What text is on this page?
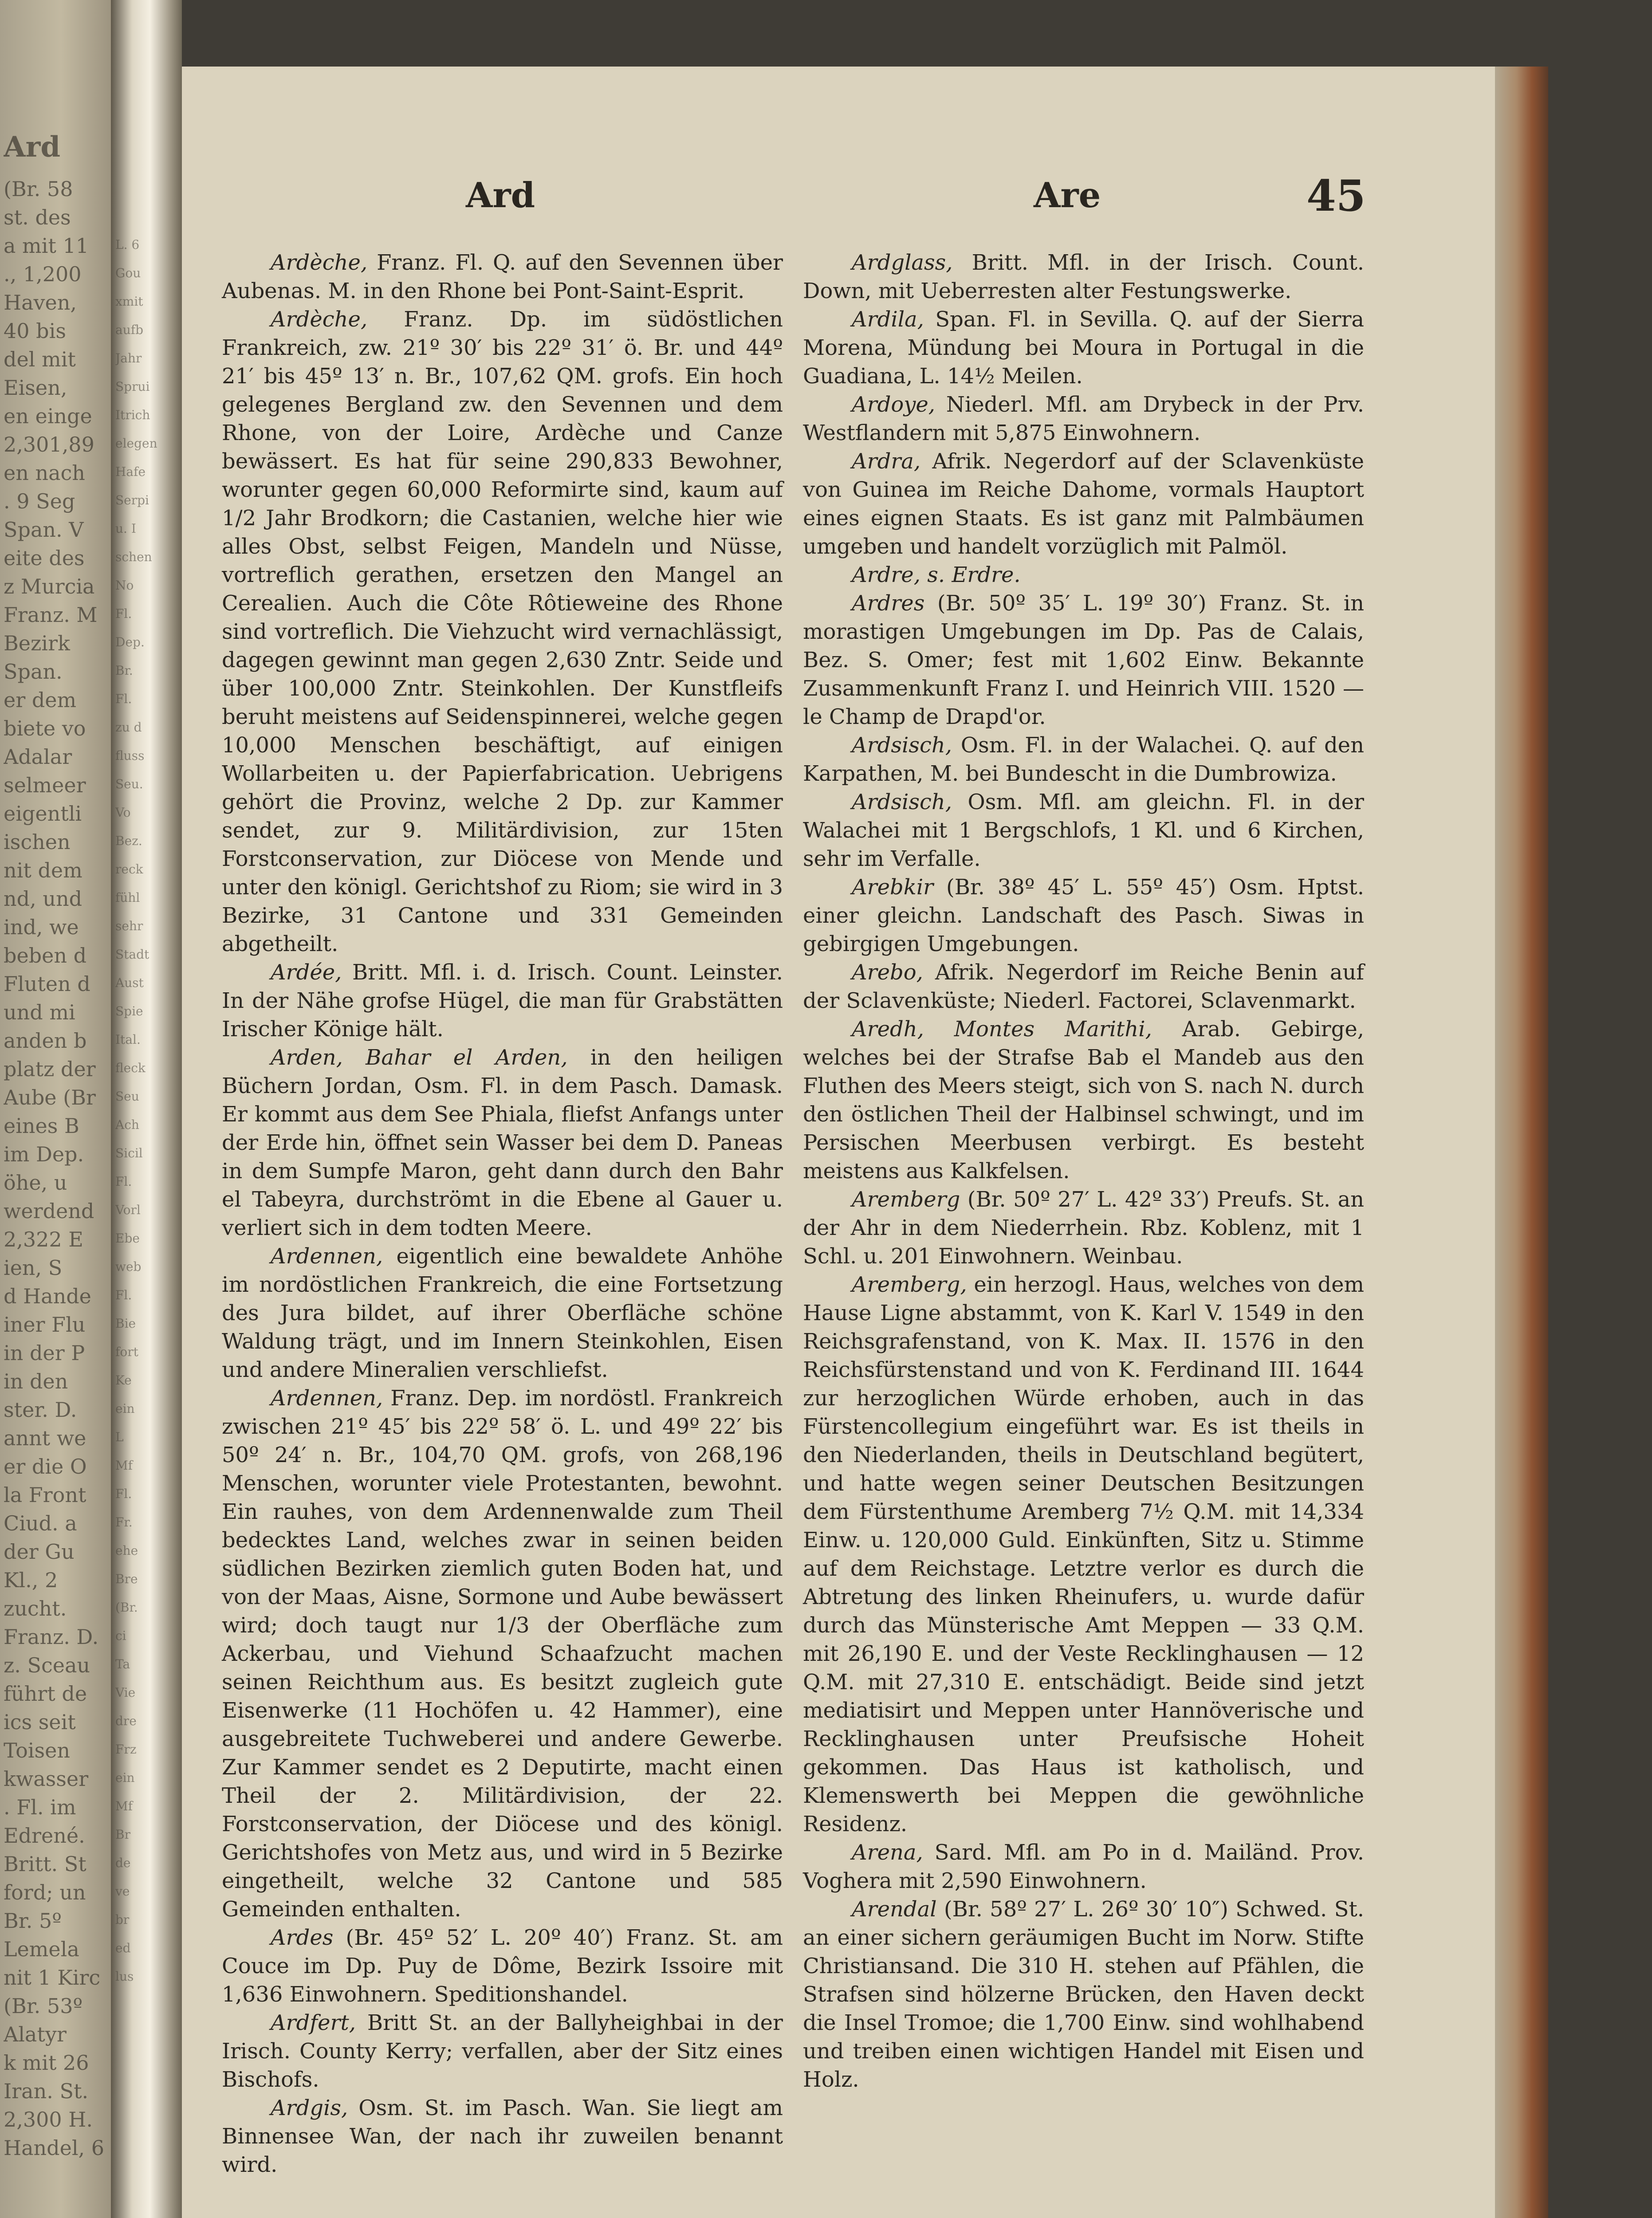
Ard
(Br. 58
st. des
a mit 11
., 1,200
Haven,
40 bis
del mit
Eisen,
en einge
2,301,89
en nach
. 9 Seg
Span. V
eite des
z Murcia
Franz. M
Bezirk
Span.
er dem
biete vo
Adalar
selmeer
eigentli
ischen
nit dem
nd, und
ind, we
beben d
Fluten d
und mi
anden b
platz der
Aube (Br
eines B
im Dep.
öhe, u
werdend
2,322 E
ien, S
d Hande
iner Flu
in der P
in den
ster. D.
annt we
er die O
la Front
Ciud. a
der Gu
Kl., 2
zucht.
Franz. D.
z. Sceau
führt de
ics seit
Toisen
kwasser
. Fl. im
Edrené.
Britt. St
ford; un
Br. 5º
Lemela
nit 1 Kirc
(Br. 53º
Alatyr
k mit 26
Iran. St.
2,300 H.
Handel, 6
L. 6
Gou
xmit
aufb
Jahr
Sprui
Itrich
elegen
Hafe
Serpi
u. I
schen
No
Fl.
Dep.
Br.
Fl.
zu d
fluss
Seu.
Vo
Bez.
reck
fühl
sehr
Stadt
Aust
Spie
Ital.
fleck
Seu
Ach
Sicil
Fl.
Vorl
Ebe
web
Fl.
Bie
fort
Ke
ein
L
Mf
Fl.
Fr.
ehe
Bre
(Br.
ci
Ta
Vie
dre
Frz
ein
Mf
Br
de
ve
br
ed
lus
Ard	Are	45

Ardèche, Franz. Fl. Q. auf den Sevennen über Aubenas. M. in den Rhone bei Pont-Saint-Esprit.

Ardèche, Franz. Dp. im südöstlichen Frankreich, zw. 21º 30′ bis 22º 31′ ö. Br. und 44º 21′ bis 45º 13′ n. Br., 107,62 QM. grofs. Ein hoch gelegenes Bergland zw. den Sevennen und dem Rhone, von der Loire, Ardèche und Canze bewässert. Es hat für seine 290,833 Bewohner, worunter gegen 60,000 Reformirte sind, kaum auf 1/2 Jahr Brodkorn; die Castanien, welche hier wie alles Obst, selbst Feigen, Mandeln und Nüsse, vortreflich gerathen, ersetzen den Mangel an Cerealien. Auch die Côte Rôtieweine des Rhone sind vortreflich. Die Viehzucht wird vernachlässigt, dagegen gewinnt man gegen 2,630 Zntr. Seide und über 100,000 Zntr. Steinkohlen. Der Kunstfleifs beruht meistens auf Seidenspinnerei, welche gegen 10,000 Menschen beschäftigt, auf einigen Wollarbeiten u. der Papierfabrication. Uebrigens gehört die Provinz, welche 2 Dp. zur Kammer sendet, zur 9. Militärdivision, zur 15ten Forstconservation, zur Diöcese von Mende und unter den königl. Gerichtshof zu Riom; sie wird in 3 Bezirke, 31 Cantone und 331 Gemeinden abgetheilt.

Ardée, Britt. Mfl. i. d. Irisch. Count. Leinster. In der Nähe grofse Hügel, die man für Grabstätten Irischer Könige hält.

Arden, Bahar el Arden, in den heiligen Büchern Jordan, Osm. Fl. in dem Pasch. Damask. Er kommt aus dem See Phiala, fliefst Anfangs unter der Erde hin, öffnet sein Wasser bei dem D. Paneas in dem Sumpfe Maron, geht dann durch den Bahr el Tabeyra, durchströmt in die Ebene al Gauer u. verliert sich in dem todten Meere.

Ardennen, eigentlich eine bewaldete Anhöhe im nordöstlichen Frankreich, die eine Fortsetzung des Jura bildet, auf ihrer Oberfläche schöne Waldung trägt, und im Innern Steinkohlen, Eisen und andere Mineralien verschliefst.

Ardennen, Franz. Dep. im nordöstl. Frankreich zwischen 21º 45′ bis 22º 58′ ö. L. und 49º 22′ bis 50º 24′ n. Br., 104,70 QM. grofs, von 268,196 Menschen, worunter viele Protestanten, bewohnt. Ein rauhes, von dem Ardennenwalde zum Theil bedecktes Land, welches zwar in seinen beiden südlichen Bezirken ziemlich guten Boden hat, und von der Maas, Aisne, Sormone und Aube bewässert wird; doch taugt nur 1/3 der Oberfläche zum Ackerbau, und Viehund Schaafzucht machen seinen Reichthum aus. Es besitzt zugleich gute Eisenwerke (11 Hochöfen u. 42 Hammer), eine ausgebreitete Tuchweberei und andere Gewerbe. Zur Kammer sendet es 2 Deputirte, macht einen Theil der 2. Militärdivision, der 22. Forstconservation, der Diöcese und des königl. Gerichtshofes von Metz aus, und wird in 5 Bezirke eingetheilt, welche 32 Cantone und 585 Gemeinden enthalten.

Ardes (Br. 45º 52′ L. 20º 40′) Franz. St. am Couce im Dp. Puy de Dôme, Bezirk Issoire mit 1,636 Einwohnern. Speditionshandel.

Ardfert, Britt St. an der Ballyheighbai in der Irisch. County Kerry; verfallen, aber der Sitz eines Bischofs.

Ardgis, Osm. St. im Pasch. Wan. Sie liegt am Binnensee Wan, der nach ihr zuweilen benannt wird.

Ardglass, Britt. Mfl. in der Irisch. Count. Down, mit Ueberresten alter Festungswerke.

Ardila, Span. Fl. in Sevilla. Q. auf der Sierra Morena, Mündung bei Moura in Portugal in die Guadiana, L. 14½ Meilen.

Ardoye, Niederl. Mfl. am Drybeck in der Prv. Westflandern mit 5,875 Einwohnern.

Ardra, Afrik. Negerdorf auf der Sclavenküste von Guinea im Reiche Dahome, vormals Hauptort eines eignen Staats. Es ist ganz mit Palmbäumen umgeben und handelt vorzüglich mit Palmöl.

Ardre, s. Erdre.

Ardres (Br. 50º 35′ L. 19º 30′) Franz. St. in morastigen Umgebungen im Dp. Pas de Calais, Bez. S. Omer; fest mit 1,602 Einw. Bekannte Zusammenkunft Franz I. und Heinrich VIII. 1520 — le Champ de Drapd'or.

Ardsisch, Osm. Fl. in der Walachei. Q. auf den Karpathen, M. bei Bundescht in die Dumbrowiza.

Ardsisch, Osm. Mfl. am gleichn. Fl. in der Walachei mit 1 Bergschlofs, 1 Kl. und 6 Kirchen, sehr im Verfalle.

Arebkir (Br. 38º 45′ L. 55º 45′) Osm. Hptst. einer gleichn. Landschaft des Pasch. Siwas in gebirgigen Umgebungen.

Arebo, Afrik. Negerdorf im Reiche Benin auf der Sclavenküste; Niederl. Factorei, Sclavenmarkt.

Aredh, Montes Marithi, Arab. Gebirge, welches bei der Strafse Bab el Mandeb aus den Fluthen des Meers steigt, sich von S. nach N. durch den östlichen Theil der Halbinsel schwingt, und im Persischen Meerbusen verbirgt. Es besteht meistens aus Kalkfelsen.

Aremberg (Br. 50º 27′ L. 42º 33′) Preufs. St. an der Ahr in dem Niederrhein. Rbz. Koblenz, mit 1 Schl. u. 201 Einwohnern. Weinbau.

Aremberg, ein herzogl. Haus, welches von dem Hause Ligne abstammt, von K. Karl V. 1549 in den Reichsgrafenstand, von K. Max. II. 1576 in den Reichsfürstenstand und von K. Ferdinand III. 1644 zur herzoglichen Würde erhoben, auch in das Fürstencollegium eingeführt war. Es ist theils in den Niederlanden, theils in Deutschland begütert, und hatte wegen seiner Deutschen Besitzungen dem Fürstenthume Aremberg 7½ Q.M. mit 14,334 Einw. u. 120,000 Guld. Einkünften, Sitz u. Stimme auf dem Reichstage. Letztre verlor es durch die Abtretung des linken Rheinufers, u. wurde dafür durch das Münsterische Amt Meppen — 33 Q.M. mit 26,190 E. und der Veste Recklinghausen — 12 Q.M. mit 27,310 E. entschädigt. Beide sind jetzt mediatisirt und Meppen unter Hannöverische und Recklinghausen unter Preufsische Hoheit gekommen. Das Haus ist katholisch, und Klemenswerth bei Meppen die gewöhnliche Residenz.

Arena, Sard. Mfl. am Po in d. Mailänd. Prov. Voghera mit 2,590 Einwohnern.

Arendal (Br. 58º 27′ L. 26º 30′ 10″) Schwed. St. an einer sichern geräumigen Bucht im Norw. Stifte Christiansand. Die 310 H. stehen auf Pfählen, die Strafsen sind hölzerne Brücken, den Haven deckt die Insel Tromoe; die 1,700 Einw. sind wohlhabend und treiben einen wichtigen Handel mit Eisen und Holz.
